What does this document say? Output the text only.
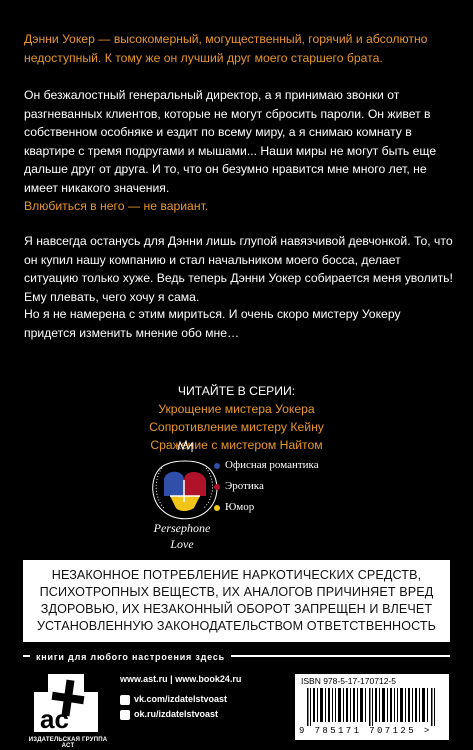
Дэнни Уокер — высокомерный, могущественный, горячий и абсолютно недоступный. К тому же он лучший друг моего старшего брата.

Он безжалостный генеральный директор, а я принимаю звонки от разгневанных клиентов, которые не могут сбросить пароли. Он живет в собственном особняке и ездит по всему миру, а я снимаю комнату в квартире с тремя подругами и мышами... Наши миры не могут быть еще дальше друг от друга. И то, что он безумно нравится мне много лет, не имеет никакого значения.

Влюбиться в него — не вариант.

Я навсегда останусь для Дэнни лишь глупой навязчивой девчонкой. То, что он купил нашу компанию и стал начальником моего босса, делает ситуацию только хуже. Ведь теперь Дэнни Уокер собирается меня уволить! Ему плевать, чего хочу я сама.

Но я не намерена с этим мириться. И очень скоро мистеру Уокеру придется изменить мнение обо мне…

ЧИТАЙТЕ В СЕРИИ:
Укрощение мистера Уокера
Сопротивление мистеру Кейну
Сражение с мистером Найтом
Офисная романтика
Эротика
Юмор
Persephone
Love
НЕЗАКОННОЕ ПОТРЕБЛЕНИЕ НАРКОТИЧЕСКИХ СРЕДСТВ, ПСИХОТРОПНЫХ ВЕЩЕСТВ, ИХ АНАЛОГОВ ПРИЧИНЯЕТ ВРЕД ЗДОРОВЬЮ, ИХ НЕЗАКОННЫЙ ОБОРОТ ЗАПРЕЩЕН И ВЛЕЧЕТ УСТАНОВЛЕННУЮ ЗАКОНОДАТЕЛЬСТВОМ ОТВЕТСТВЕННОСТЬ
книги для любого настроения здесь
ac
ИЗДАТЕЛЬСКАЯ ГРУППА АСТ
www.ast.ru | www.book24.ru
vk.com/izdatelstvoast
ok.ru/izdatelstvoast
ISBN 978-5-17-170712-5
9 785171 707125 >
